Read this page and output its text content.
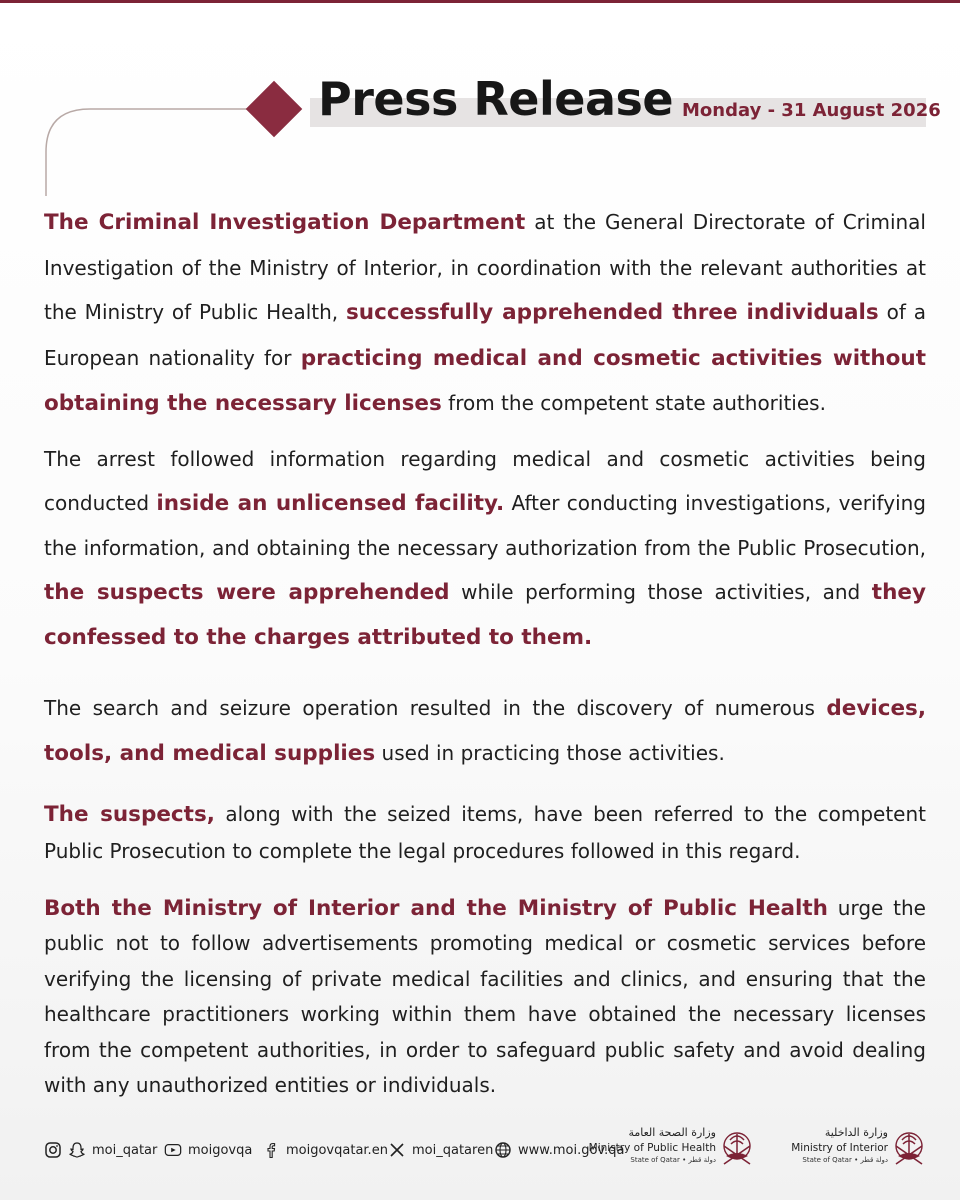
Press Release Monday - 31 August 2026

The Criminal Investigation Department at the General Directorate of Criminal Investigation of the Ministry of Interior, in coordination with the relevant authorities at the Ministry of Public Health, successfully apprehended three individuals of a European nationality for practicing medical and cosmetic activities without obtaining the necessary licenses from the competent state authorities.

The arrest followed information regarding medical and cosmetic activities being conducted inside an unlicensed facility. After conducting investigations, verifying the information, and obtaining the necessary authorization from the Public Prosecution, the suspects were apprehended while performing those activities, and they confessed to the charges attributed to them.

The search and seizure operation resulted in the discovery of numerous devices, tools, and medical supplies used in practicing those activities.

The suspects, along with the seized items, have been referred to the competent Public Prosecution to complete the legal procedures followed in this regard.

Both the Ministry of Interior and the Ministry of Public Health urge the public not to follow advertisements promoting medical or cosmetic services before verifying the licensing of private medical facilities and clinics, and ensuring that the healthcare practitioners working within them have obtained the necessary licenses from the competent authorities, in order to safeguard public safety and avoid dealing with any unauthorized entities or individuals.

moi_qatar moigovqa	moigovqatar.en moi_qataren www.moi.gov.qa
وزارة الصحة العامة
Ministry of Public Health
State of Qatar • دولة قطر
وزارة الداخلية
Ministry of Interior
State of Qatar • دولة قطر
